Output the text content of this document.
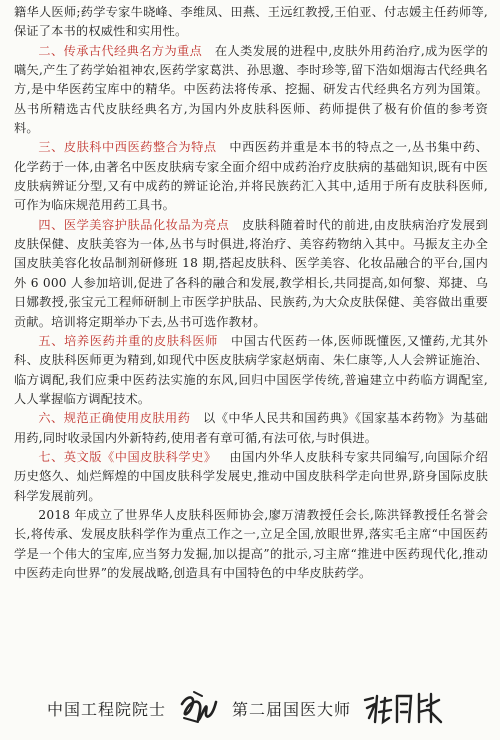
籍华人医师;药学专家牛晓峰、李维凤、田燕、王远红教授,王伯亚、付志媛主任药师等,保证了本书的权威性和实用性。

二、传承古代经典名方为重点  在人类发展的进程中,皮肤外用药治疗,成为医学的嚆矢,产生了药学始祖神农,医药学家葛洪、孙思邈、李时珍等,留下浩如烟海古代经典名方,是中华医药宝库中的精华。中医药法将传承、挖掘、研发古代经典名方列为国策。丛书所精选古代皮肤经典名方,为国内外皮肤科医师、药师提供了极有价值的参考资料。

三、皮肤科中西医药整合为特点  中西医药并重是本书的特点之一,丛书集中药、化学药于一体,由著名中医皮肤病专家全面介绍中成药治疗皮肤病的基础知识,既有中医皮肤病辨证分型,又有中成药的辨证论治,并将民族药汇入其中,适用于所有皮肤科医师,可作为临床规范用药工具书。

四、医学美容护肤品化妆品为亮点  皮肤科随着时代的前进,由皮肤病治疗发展到皮肤保健、皮肤美容为一体,丛书与时俱进,将治疗、美容药物纳入其中。马振友主办全国皮肤美容化妆品制剂研修班 18 期,搭起皮肤科、医学美容、化妆品融合的平台,国内外 6 000 人参加培训,促进了各科的融合和发展,教学相长,共同提高,如何黎、郑捷、乌日娜教授,张宝元工程师研制上市医学护肤品、民族药,为大众皮肤保健、美容做出重要贡献。培训将定期举办下去,丛书可选作教材。

五、培养医药并重的皮肤科医师  中国古代医药一体,医师既懂医,又懂药,尤其外科、皮肤科医师更为精到,如现代中医皮肤病学家赵炳南、朱仁康等,人人会辨证施治、临方调配,我们应秉中医药法实施的东风,回归中国医学传统,普遍建立中药临方调配室,人人掌握临方调配技术。

六、规范正确使用皮肤用药  以《中华人民共和国药典》《国家基本药物》为基础用药,同时收录国内外新特药,使用者有章可循,有法可依,与时俱进。

七、英文版《中国皮肤科学史》  由国内外华人皮肤科专家共同编写,向国际介绍历史悠久、灿烂辉煌的中国皮肤科学发展史,推动中国皮肤科学走向世界,跻身国际皮肤科学发展前列。

2018 年成立了世界华人皮肤科医师协会,廖万清教授任会长,陈洪铎教授任名誉会长,将传承、发展皮肤科学作为重点工作之一,立足全国,放眼世界,落实毛主席“中国医药学是一个伟大的宝库,应当努力发掘,加以提高”的批示,习主席“推进中医药现代化,推动中医药走向世界”的发展战略,创造具有中国特色的中华皮肤药学。

中国工程院院士	第二届国医大师
